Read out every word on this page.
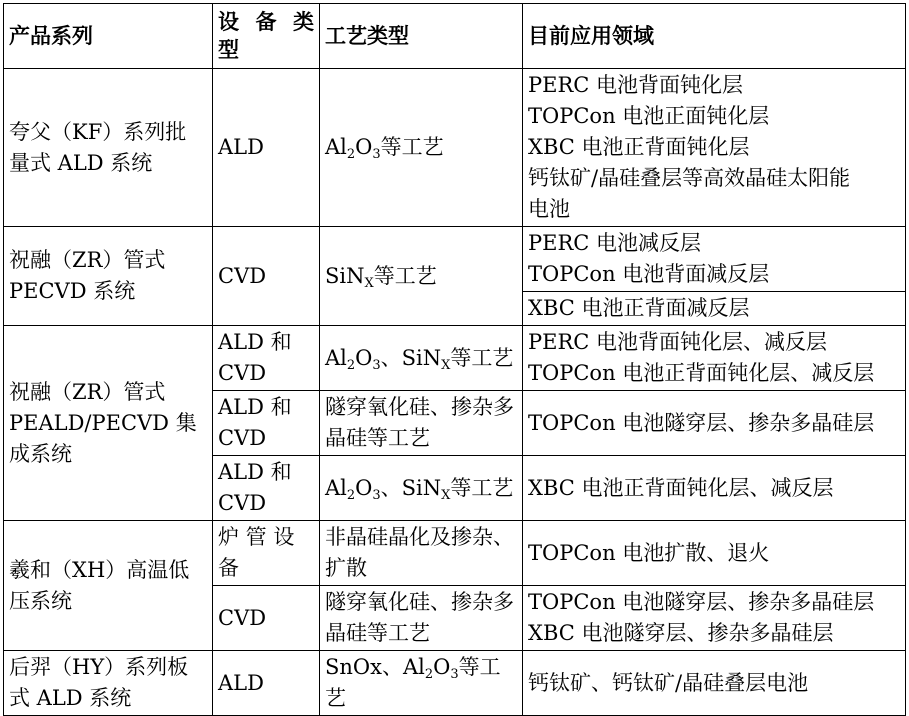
产品系列	设 备 类 型	工艺类型	目前应用领域
夸父（KF）系列批量式 ALD 系统	ALD	$Al_2O_3$等工艺	PERC 电池背面钝化层
TOPCon 电池正面钝化层
XBC 电池正背面钝化层
钙钛矿/晶硅叠层等高效晶硅太阳能
电池

祝融（ZR）管式 PECVD 系统	CVD	SiN$_X$等工艺	PERC 电池减反层
TOPCon 电池背面减反层

			XBC 电池正背面减反层
祝融（ZR）管式 PEALD/PECVD 集成系统	ALD 和 CVD	$Al_2O_3$、SiN$_X$等工艺	PERC 电池背面钝化层、减反层
TOPCon 电池正背面钝化层、减反层

	ALD 和 CVD	隧穿氧化硅、掺杂多晶硅等工艺	TOPCon 电池隧穿层、掺杂多晶硅层
	ALD 和 CVD	$Al_2O_3$、SiN$_X$等工艺	XBC 电池正背面钝化层、减反层
羲和（XH）高温低压系统	炉 管 设 备	非晶硅晶化及掺杂、扩散	TOPCon 电池扩散、退火
	CVD	隧穿氧化硅、掺杂多晶硅等工艺	TOPCon 电池隧穿层、掺杂多晶硅层
XBC 电池隧穿层、掺杂多晶硅层

后羿（HY）系列板式 ALD 系统	ALD	SnOx、$Al_2O_3$等工艺	钙钛矿、钙钛矿/晶硅叠层电池
